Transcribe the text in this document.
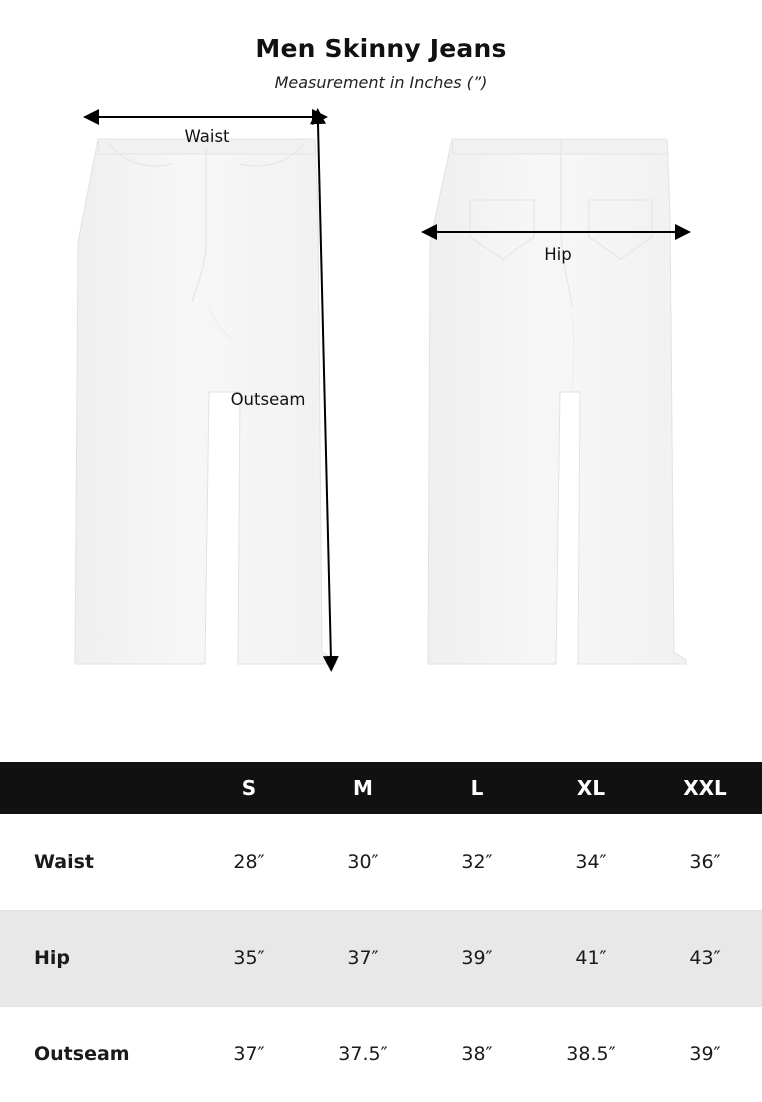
Men Skinny Jeans

Measurement in Inches (”)

Waist
Outseam
Hip
	S	M	L	XL	XXL
Waist	28″	30″	32″	34″	36″
Hip	35″	37″	39″	41″	43″
Outseam	37″	37.5″	38″	38.5″	39″
